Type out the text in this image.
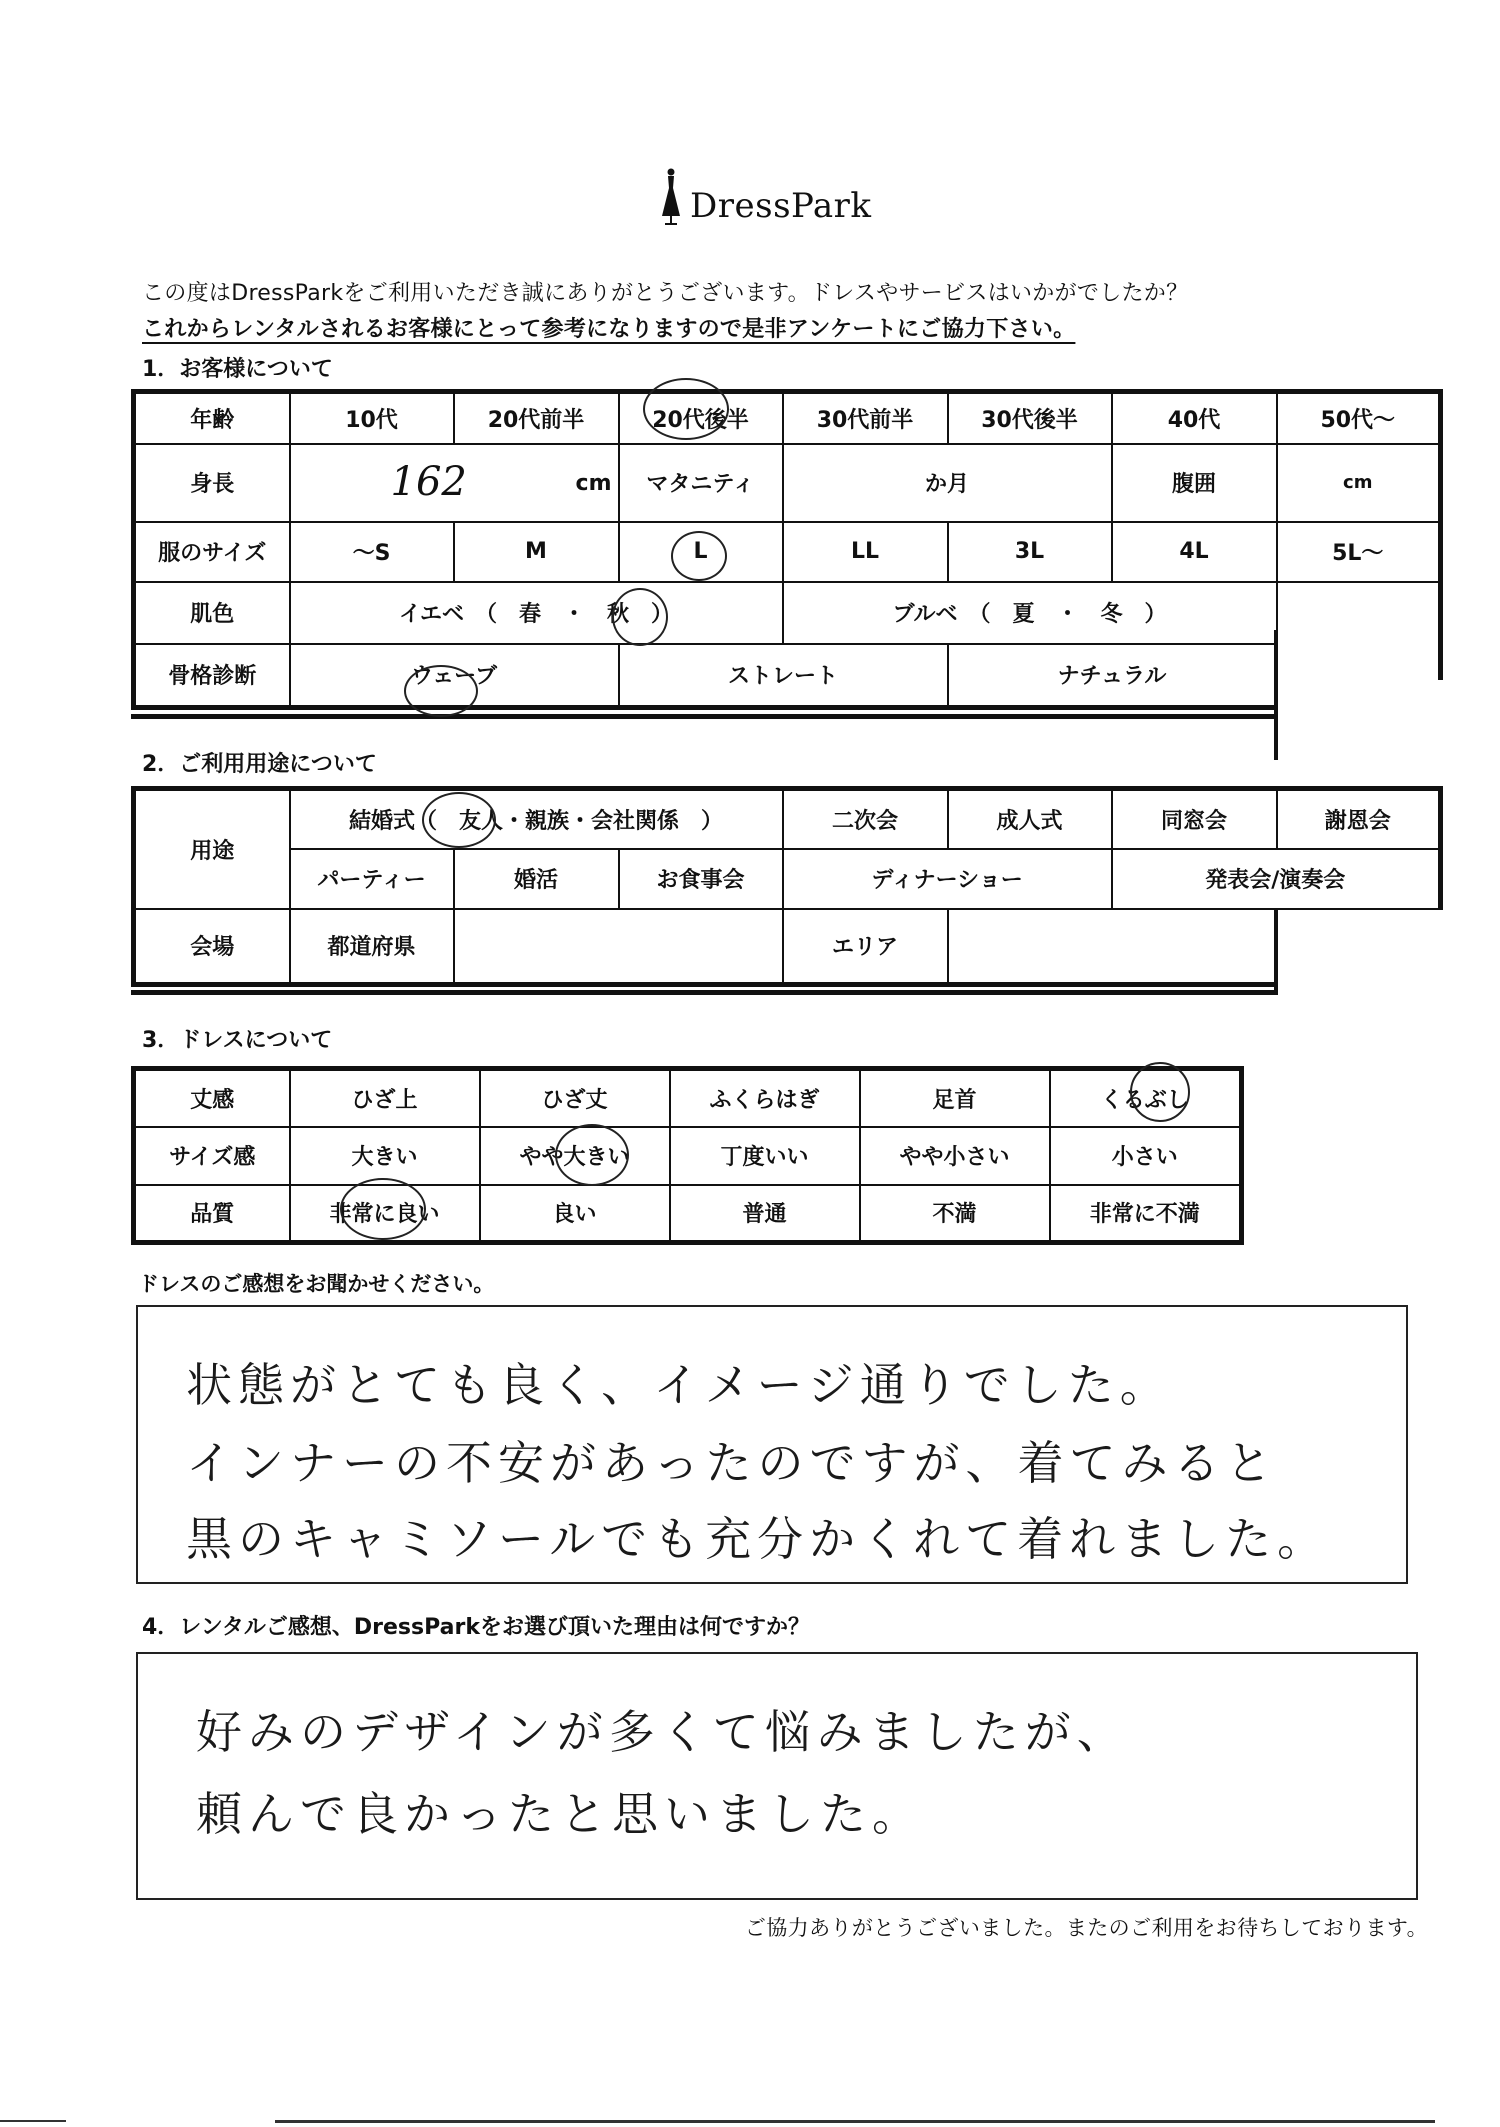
DressPark
この度はDressParkをご利用いただき誠にありがとうございます。ドレスやサービスはいかがでしたか？
これからレンタルされるお客様にとって参考になりますので是非アンケートにご協力下さい。
1．お客様について
年齢	10代	20代前半	20代後半	30代前半	30代後半	40代	50代～
身長	162 cm		マタニティ	か月		腹囲	cm
服のサイズ	～S	M	L	LL	3L	4L	5L～
肌色	イエベ　（　春　・　秋　）			ブルベ　（　夏　・　冬　）			
骨格診断	ウェーブ		ストレート		ナチュラル		
2．ご利用用途について
用途	結婚式（　友人・親族・会社関係　）			二次会	成人式	同窓会	謝恩会
	パーティー	婚活	お食事会	ディナーショー		発表会/演奏会	
会場	都道府県			エリア			
3．ドレスについて
丈感	ひざ上	ひざ丈	ふくらはぎ	足首	くるぶし
サイズ感	大きい	やや大きい	丁度いい	やや小さい	小さい
品質	非常に良い	良い	普通	不満	非常に不満
ドレスのご感想をお聞かせください。
状態がとても良く、イメージ通りでした。
インナーの不安があったのですが、着てみると
黒のキャミソールでも充分かくれて着れました。
4．レンタルご感想、DressParkをお選び頂いた理由は何ですか？
好みのデザインが多くて悩みましたが、
頼んで良かったと思いました。
ご協力ありがとうございました。またのご利用をお待ちしております。
